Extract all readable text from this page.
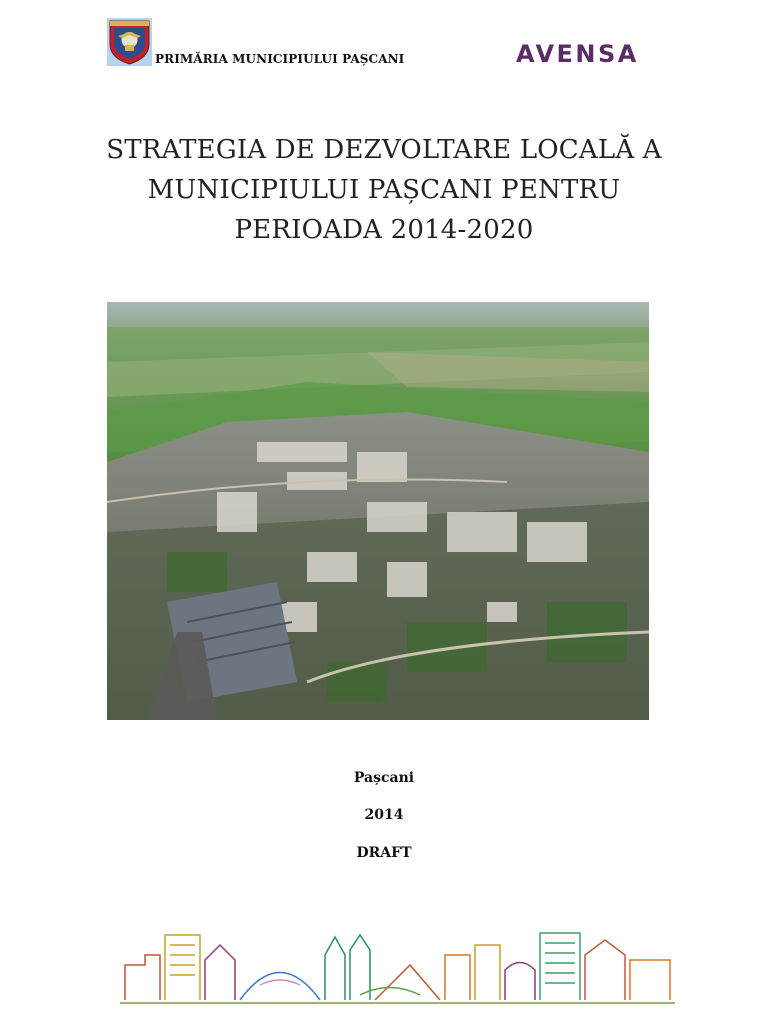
PRIMĂRIA MUNICIPIULUI PAȘCANI	AVENSA
STRATEGIA DE DEZVOLTARE LOCALĂ A
MUNICIPIULUI PAȘCANI PENTRU
PERIOADA 2014-2020
Pașcani
2014
DRAFT
